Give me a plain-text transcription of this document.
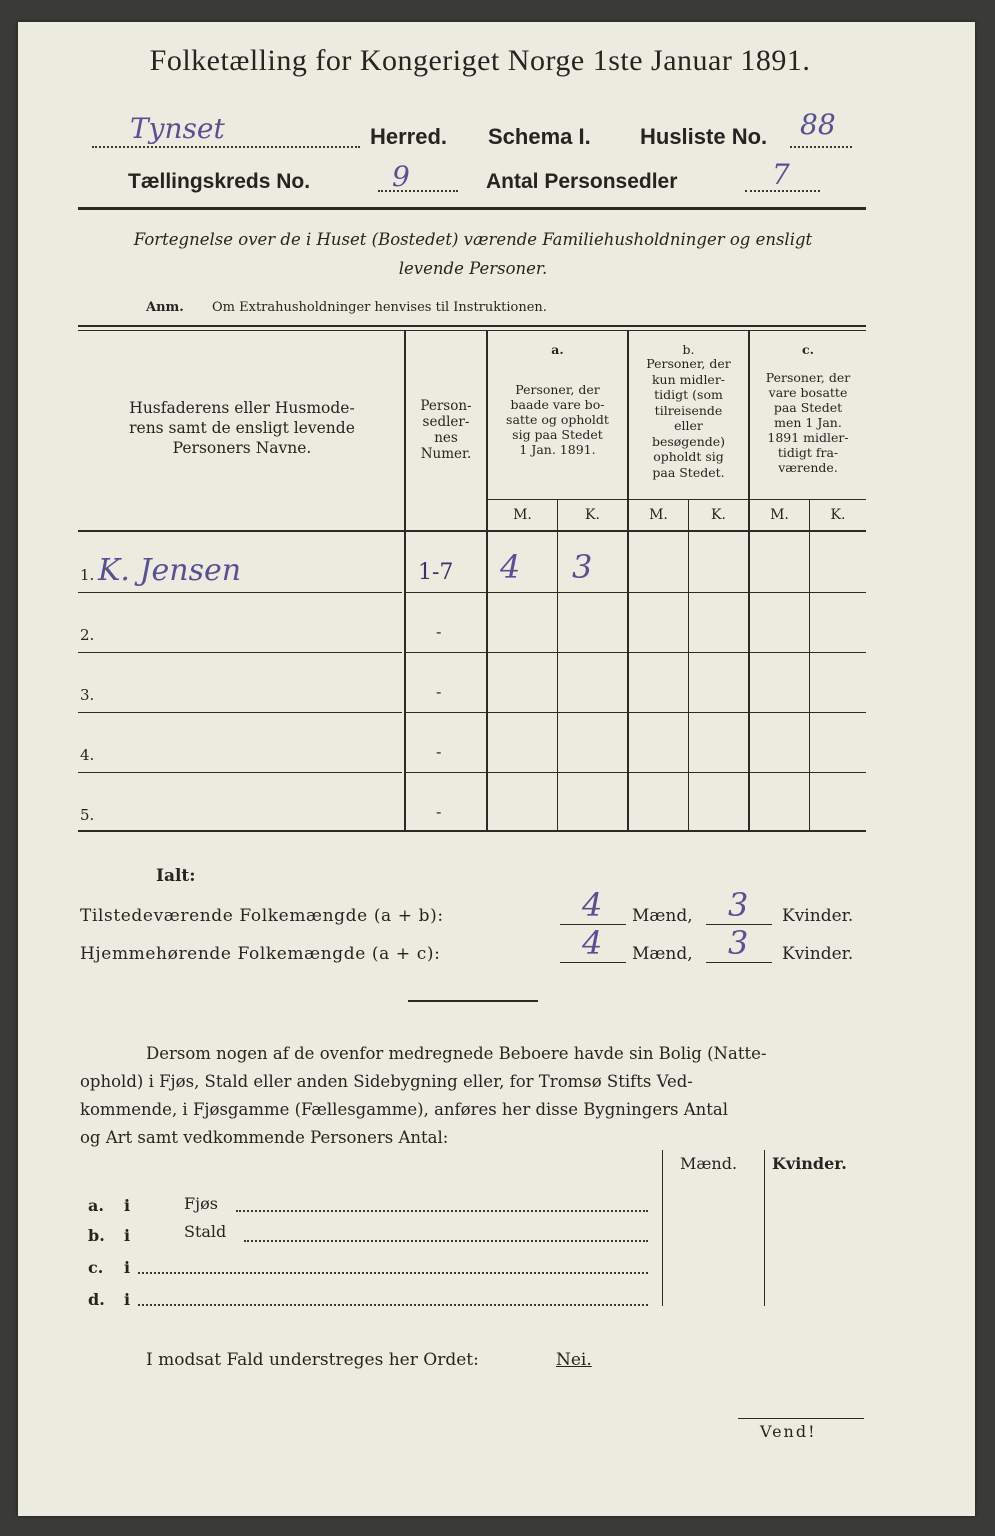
Folketælling for Kongeriget Norge 1ste Januar 1891.
Tynset	Herred. Schema I. Husliste No. 88
Tællingskreds No.	9	Antal Personsedler	7
Fortegnelse over de i Huset (Bostedet) værende Familiehusholdninger og ensligt
levende Personer.
Anm. Om Extrahusholdninger henvises til Instruktionen.
Husfaderens eller Husmode-
rens samt de ensligt levende
Personers Navne.
Person-
sedler-
nes
Numer.
a.
Personer, der
baade vare bo-
satte og opholdt
sig paa Stedet
1 Jan. 1891.
b.
Personer, der
kun midler-
tidigt (som
tilreisende
eller
besøgende)
opholdt sig
paa Stedet.
c.
Personer, der
vare bosatte
paa Stedet
men 1 Jan.
1891 midler-
tidigt fra-
værende.
M.	K.	M.	K.	M.	K.
1. K. Jensen	1-7 4 3
2.	-
3.	-
4.	-
5.	-
Ialt:
Tilstedeværende Folkemængde (a + b):	4 Mænd, 3 Kvinder.
Hjemmehørende Folkemængde (a + c):	4 Mænd, 3 Kvinder.
Dersom nogen af de ovenfor medregnede Beboere havde sin Bolig (Natte-
ophold) i Fjøs, Stald eller anden Sidebygning eller, for Tromsø Stifts Ved-
kommende, i Fjøsgamme (Fællesgamme), anføres her disse Bygningers Antal
og Art samt vedkommende Personers Antal:
Mænd. Kvinder.
a. i	Fjøs
b. i	Stald
c. i
d. i
I modsat Fald understreges her Ordet:	Nei.
Vend!
